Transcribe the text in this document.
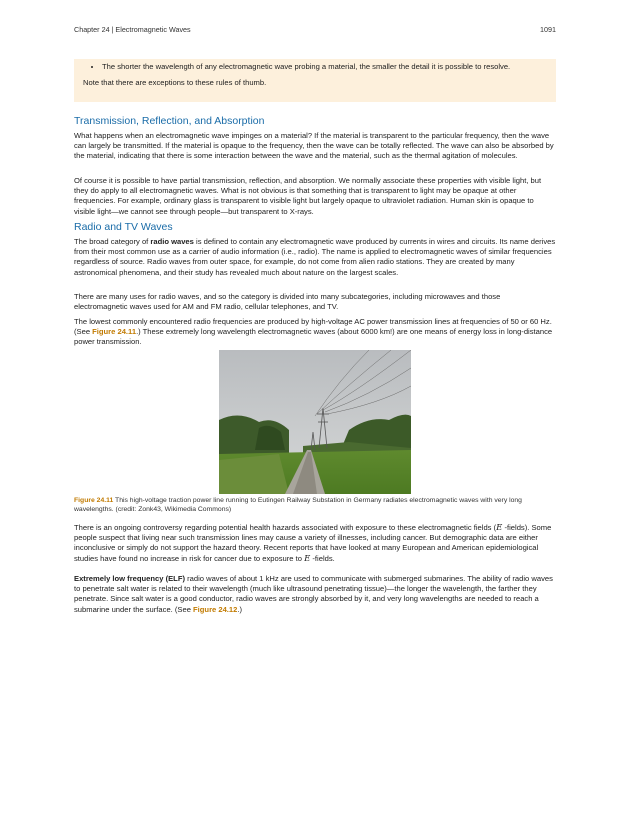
Chapter 24 | Electromagnetic Waves	1091
• The shorter the wavelength of any electromagnetic wave probing a material, the smaller the detail it is possible to resolve.

Note that there are exceptions to these rules of thumb.

Transmission, Reflection, and Absorption

What happens when an electromagnetic wave impinges on a material? If the material is transparent to the particular frequency, then the wave can largely be transmitted. If the material is opaque to the frequency, then the wave can be totally reflected. The wave can also be absorbed by the material, indicating that there is some interaction between the wave and the material, such as the thermal agitation of molecules.

Of course it is possible to have partial transmission, reflection, and absorption. We normally associate these properties with visible light, but they do apply to all electromagnetic waves. What is not obvious is that something that is transparent to light may be opaque at other frequencies. For example, ordinary glass is transparent to visible light but largely opaque to ultraviolet radiation. Human skin is opaque to visible light—we cannot see through people—but transparent to X-rays.

Radio and TV Waves

The broad category of radio waves is defined to contain any electromagnetic wave produced by currents in wires and circuits. Its name derives from their most common use as a carrier of audio information (i.e., radio). The name is applied to electromagnetic waves of similar frequencies regardless of source. Radio waves from outer space, for example, do not come from alien radio stations. They are created by many astronomical phenomena, and their study has revealed much about nature on the largest scales.

There are many uses for radio waves, and so the category is divided into many subcategories, including microwaves and those electromagnetic waves used for AM and FM radio, cellular telephones, and TV.

The lowest commonly encountered radio frequencies are produced by high-voltage AC power transmission lines at frequencies of 50 or 60 Hz. (See Figure 24.11.) These extremely long wavelength electromagnetic waves (about 6000 km!) are one means of energy loss in long-distance power transmission.

Figure 24.11 This high-voltage traction power line running to Eutingen Railway Substation in Germany radiates electromagnetic waves with very long wavelengths. (credit: Zonk43, Wikimedia Commons)

There is an ongoing controversy regarding potential health hazards associated with exposure to these electromagnetic fields (E -fields). Some people suspect that living near such transmission lines may cause a variety of illnesses, including cancer. But demographic data are either inconclusive or simply do not support the hazard theory. Recent reports that have looked at many European and American epidemiological studies have found no increase in risk for cancer due to exposure to E -fields.

Extremely low frequency (ELF) radio waves of about 1 kHz are used to communicate with submerged submarines. The ability of radio waves to penetrate salt water is related to their wavelength (much like ultrasound penetrating tissue)—the longer the wavelength, the farther they penetrate. Since salt water is a good conductor, radio waves are strongly absorbed by it, and very long wavelengths are needed to reach a submarine under the surface. (See Figure 24.12.)
